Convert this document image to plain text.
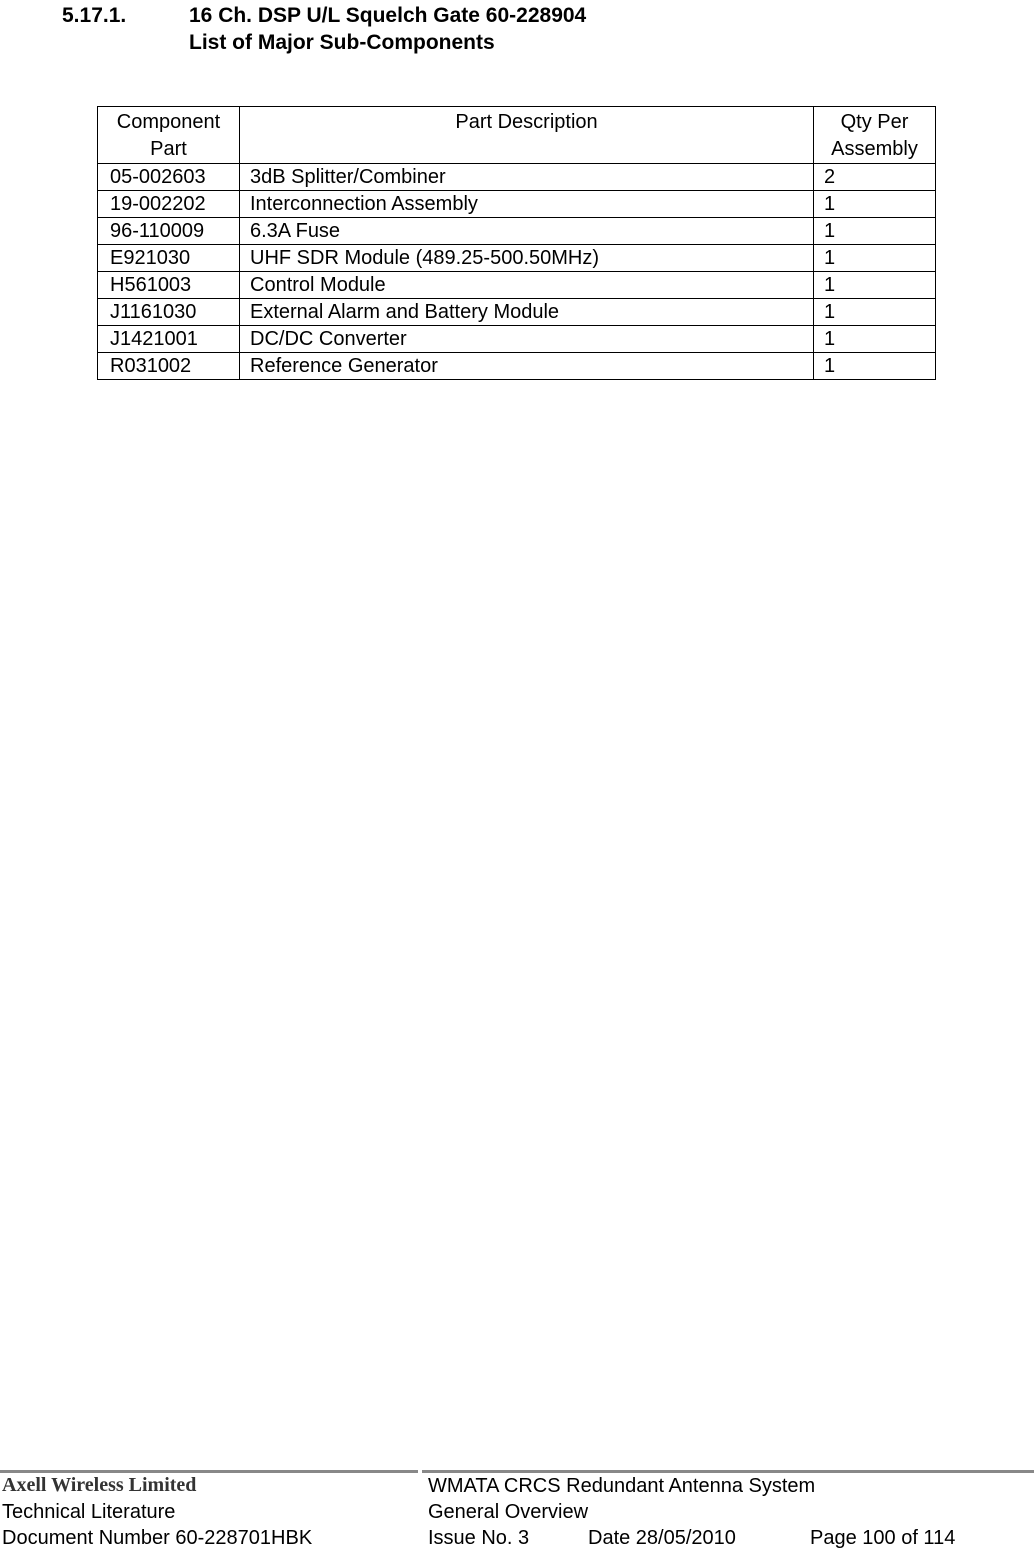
5.17.1.	16 Ch. DSP U/L Squelch Gate 60-228904
List of Major Sub-Components
Component Part	Part Description	Qty Per Assembly
05-002603	3dB Splitter/Combiner	2
19-002202	Interconnection Assembly	1
96-110009	6.3A Fuse	1
E921030	UHF SDR Module (489.25-500.50MHz)	1
H561003	Control Module	1
J1161030	External Alarm and Battery Module	1
J1421001	DC/DC Converter	1
R031002	Reference Generator	1
Axell Wireless Limited
Technical Literature
Document Number 60-228701HBK
WMATA CRCS Redundant Antenna System
General Overview
Issue No. 3	Date 28/05/2010	Page 100 of 114
